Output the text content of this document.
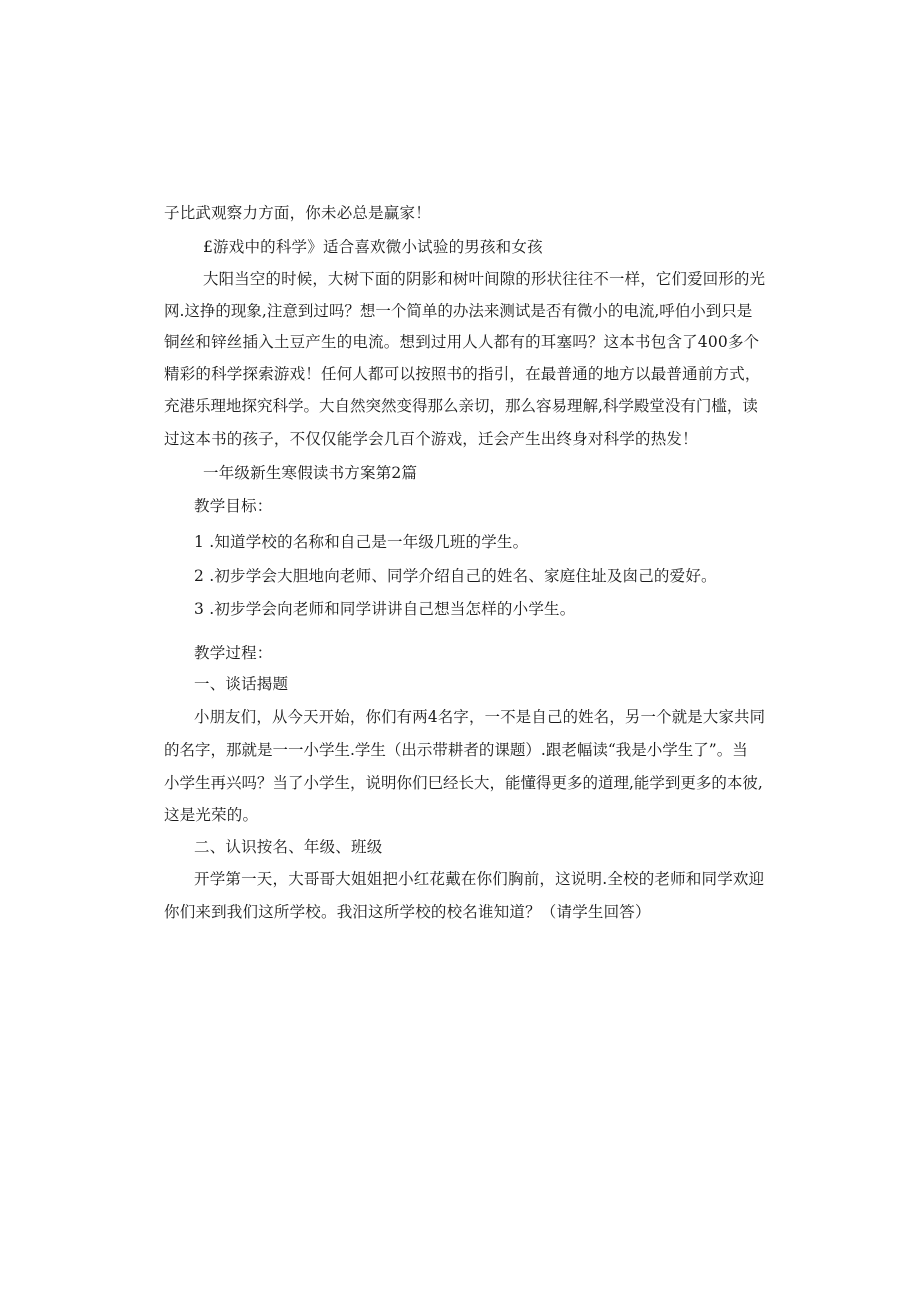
子比武观察力方面，你未必总是赢家！
£游戏中的科学》适合喜欢微小试验的男孩和女孩
大阳当空的时候，大树下面的阴影和树叶间隙的形状往往不一样，它们爱回形的光
网.这挣的现象,注意到过吗？想一个简单的办法来测试是否有微小的电流,呼伯小到只是
铜丝和锌丝插入土豆产生的电流。想到过用人人都有的耳塞吗？这本书包含了400多个
精彩的科学探索游戏！任何人都可以按照书的指引，在最普通的地方以最普通前方式，
充港乐理地探究科学。大自然突然变得那么亲切，那么容易理解,科学殿堂没有门槛，读
过这本书的孩子，不仅仅能学会几百个游戏，迁会产生出终身对科学的热发！
一年级新生寒假读书方案第2篇
教学目标：
1 .知道学校的名称和自己是一年级几班的学生。
2 .初步学会大胆地向老师、同学介绍自己的姓名、家庭住址及囱己的爱好。
3 .初步学会向老师和同学讲讲自己想当怎样的小学生。
教学过程：
一、谈话揭题
小朋友们，从今天开始，你们有两4名字，一不是自己的姓名，另一个就是大家共同
的名字，那就是一一小学生.学生（出示带耕者的课题）.跟老幅读“我是小学生了”。当
小学生再兴吗？当了小学生，说明你们巳经长大，能懂得更多的道理,能学到更多的本彼,
这是光荣的。
二、认识按名、年级、班级
开学第一天，大哥哥大姐姐把小红花戴在你们胸前，这说明.全校的老师和同学欢迎
你们来到我们这所学校。我汨这所学校的校名谁知道？（请学生回答）
